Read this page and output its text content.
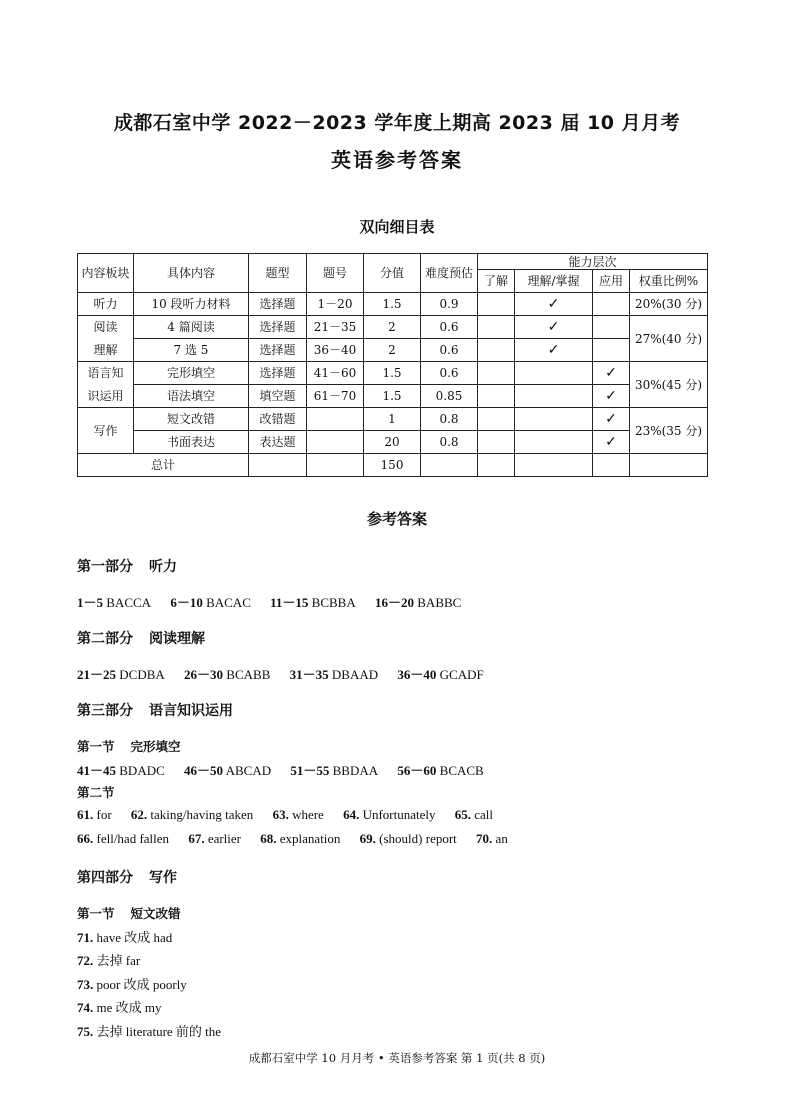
成都石室中学 2022－2023 学年度上期高 2023 届 10 月月考
英语参考答案
双向细目表
内容板块	具体内容	题型	题号	分值	难度预估	能力层次			
						了解	理解/掌握	应用	权重比例%
听力	10 段听力材料	选择题	1－20	1.5	0.9		✓		20%(30 分)

阅读
理解	4 篇阅读	选择题	21－35	2	0.6		✓		27%(40 分)
	7 选 5	选择题	36－40	2	0.6		✓		

语言知
识运用	完形填空	选择题	41－60	1.5	0.6			✓	30%(45 分)
	语法填空	填空题	61－70	1.5	0.85			✓	
写作	短文改错	改错题		1	0.8			✓	23%(35 分)
	书面表达	表达题		20	0.8			✓	
总计				150					
参考答案
第一部分 听力
1－5 BACCA 6－10 BACAC 11－15 BCBBA 16－20 BABBC
第二部分 阅读理解
21－25 DCDBA 26－30 BCABB 31－35 DBAAD 36－40 GCADF
第三部分 语言知识运用
第一节 完形填空
41－45 BDADC 46－50 ABCAD 51－55 BBDAA 56－60 BCACB
第二节
61. for 62. taking/having taken 63. where 64. Unfortunately 65. call
66. fell/had fallen 67. earlier 68. explanation 69. (should) report 70. an
第四部分 写作
第一节 短文改错
71. have 改成 had
72. 去掉 far
73. poor 改成 poorly
74. me 改成 my
75. 去掉 literature 前的 the
成都石室中学 10 月月考 • 英语参考答案 第 1 页(共 8 页)
